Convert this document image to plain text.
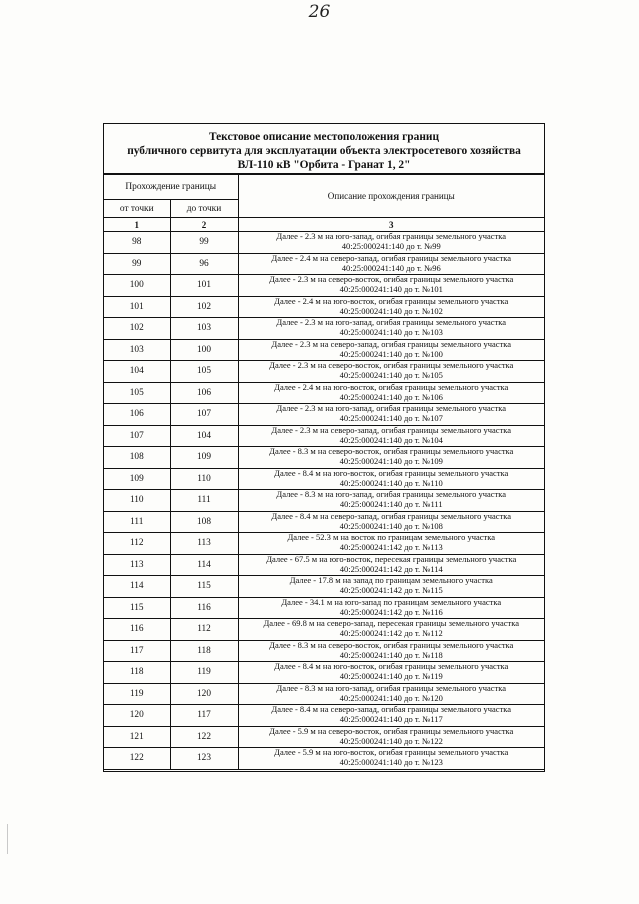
26
Текстовое описание местоположения границ
публичного сервитута для эксплуатации объекта электросетевого хозяйства
ВЛ-110 кВ "Орбита - Гранат 1, 2"
Прохождение границы		Описание прохождения границы
от точки	до точки	
1	2	3
98	99	Далее - 2.3 м на юго-запад, огибая границы земельного участка
40:25:000241:140 до т. №99

99	96	Далее - 2.4 м на северо-запад, огибая границы земельного участка
40:25:000241:140 до т. №96

100	101	Далее - 2.3 м на северо-восток, огибая границы земельного участка
40:25:000241:140 до т. №101

101	102	Далее - 2.4 м на юго-восток, огибая границы земельного участка
40:25:000241:140 до т. №102

102	103	Далее - 2.3 м на юго-запад, огибая границы земельного участка
40:25:000241:140 до т. №103

103	100	Далее - 2.3 м на северо-запад, огибая границы земельного участка
40:25:000241:140 до т. №100

104	105	Далее - 2.3 м на северо-восток, огибая границы земельного участка
40:25:000241:140 до т. №105

105	106	Далее - 2.4 м на юго-восток, огибая границы земельного участка
40:25:000241:140 до т. №106

106	107	Далее - 2.3 м на юго-запад, огибая границы земельного участка
40:25:000241:140 до т. №107

107	104	Далее - 2.3 м на северо-запад, огибая границы земельного участка
40:25:000241:140 до т. №104

108	109	Далее - 8.3 м на северо-восток, огибая границы земельного участка
40:25:000241:140 до т. №109

109	110	Далее - 8.4 м на юго-восток, огибая границы земельного участка
40:25:000241:140 до т. №110

110	111	Далее - 8.3 м на юго-запад, огибая границы земельного участка
40:25:000241:140 до т. №111

111	108	Далее - 8.4 м на северо-запад, огибая границы земельного участка
40:25:000241:140 до т. №108

112	113	Далее - 52.3 м на восток по границам земельного участка
40:25:000241:142 до т. №113

113	114	Далее - 67.5 м на юго-восток, пересекая границы земельного участка
40:25:000241:142 до т. №114

114	115	Далее - 17.8 м на запад по границам земельного участка
40:25:000241:142 до т. №115

115	116	Далее - 34.1 м на юго-запад по границам земельного участка
40:25:000241:142 до т. №116

116	112	Далее - 69.8 м на северо-запад, пересекая границы земельного участка
40:25:000241:142 до т. №112

117	118	Далее - 8.3 м на северо-восток, огибая границы земельного участка
40:25:000241:140 до т. №118

118	119	Далее - 8.4 м на юго-восток, огибая границы земельного участка
40:25:000241:140 до т. №119

119	120	Далее - 8.3 м на юго-запад, огибая границы земельного участка
40:25:000241:140 до т. №120

120	117	Далее - 8.4 м на северо-запад, огибая границы земельного участка
40:25:000241:140 до т. №117

121	122	Далее - 5.9 м на северо-восток, огибая границы земельного участка
40:25:000241:140 до т. №122

122	123	Далее - 5.9 м на юго-восток, огибая границы земельного участка
40:25:000241:140 до т. №123
